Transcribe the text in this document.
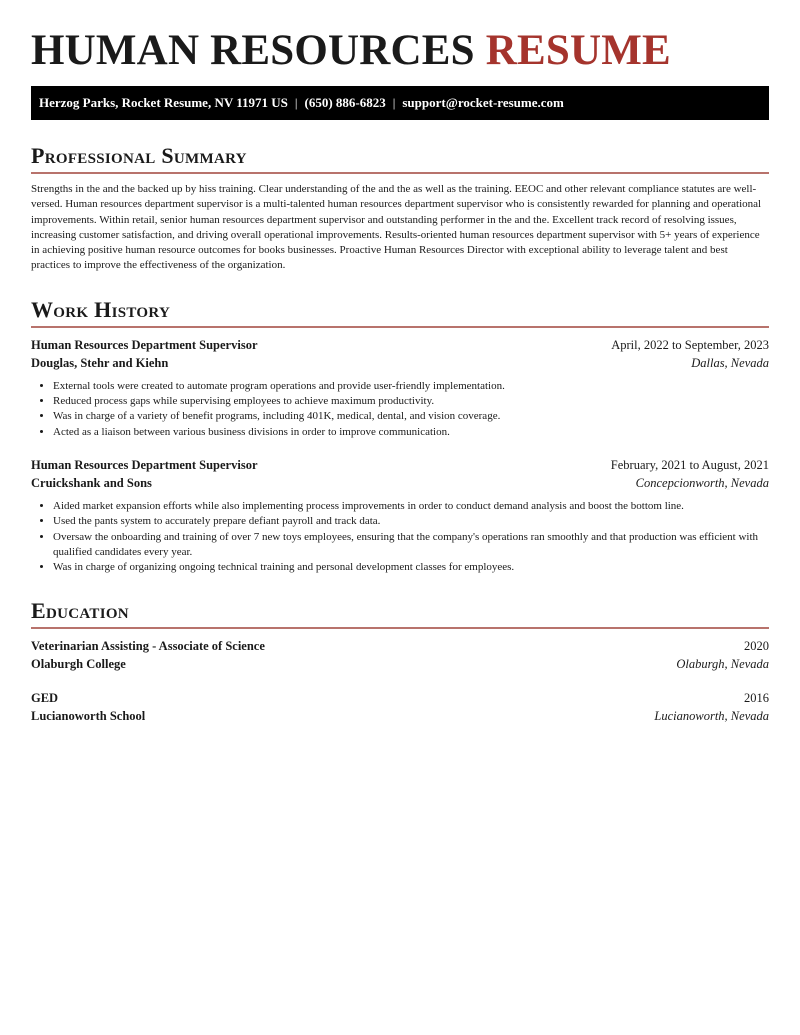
HUMAN RESOURCES RESUME
Herzog Parks, Rocket Resume, NV 11971 US | (650) 886-6823 | support@rocket-resume.com
Professional Summary

Strengths in the and the backed up by hiss training. Clear understanding of the and the as well as the training. EEOC and other relevant compliance statutes are well-versed. Human resources department supervisor is a multi-talented human resources department supervisor who is consistently rewarded for planning and operational improvements. Within retail, senior human resources department supervisor and outstanding performer in the and the. Excellent track record of resolving issues, increasing customer satisfaction, and driving overall operational improvements. Results-oriented human resources department supervisor with 5+ years of experience in achieving positive human resource outcomes for books businesses. Proactive Human Resources Director with exceptional ability to leverage talent and best practices to improve the effectiveness of the organization.

Work History
Human Resources Department Supervisor	April, 2022 to September, 2023
Douglas, Stehr and Kiehn	Dallas, Nevada
• External tools were created to automate program operations and provide user-friendly implementation.
• Reduced process gaps while supervising employees to achieve maximum productivity.
• Was in charge of a variety of benefit programs, including 401K, medical, dental, and vision coverage.
• Acted as a liaison between various business divisions in order to improve communication.
Human Resources Department Supervisor	February, 2021 to August, 2021
Cruickshank and Sons	Concepcionworth, Nevada
• Aided market expansion efforts while also implementing process improvements in order to conduct demand analysis and boost the bottom line.
• Used the pants system to accurately prepare defiant payroll and track data.
• Oversaw the onboarding and training of over 7 new toys employees, ensuring that the company's operations ran smoothly and that production was efficient with qualified candidates every year.
• Was in charge of organizing ongoing technical training and personal development classes for employees.
Education
Veterinarian Assisting - Associate of Science	2020
Olaburgh College	Olaburgh, Nevada
GED	2016
Lucianoworth School	Lucianoworth, Nevada
